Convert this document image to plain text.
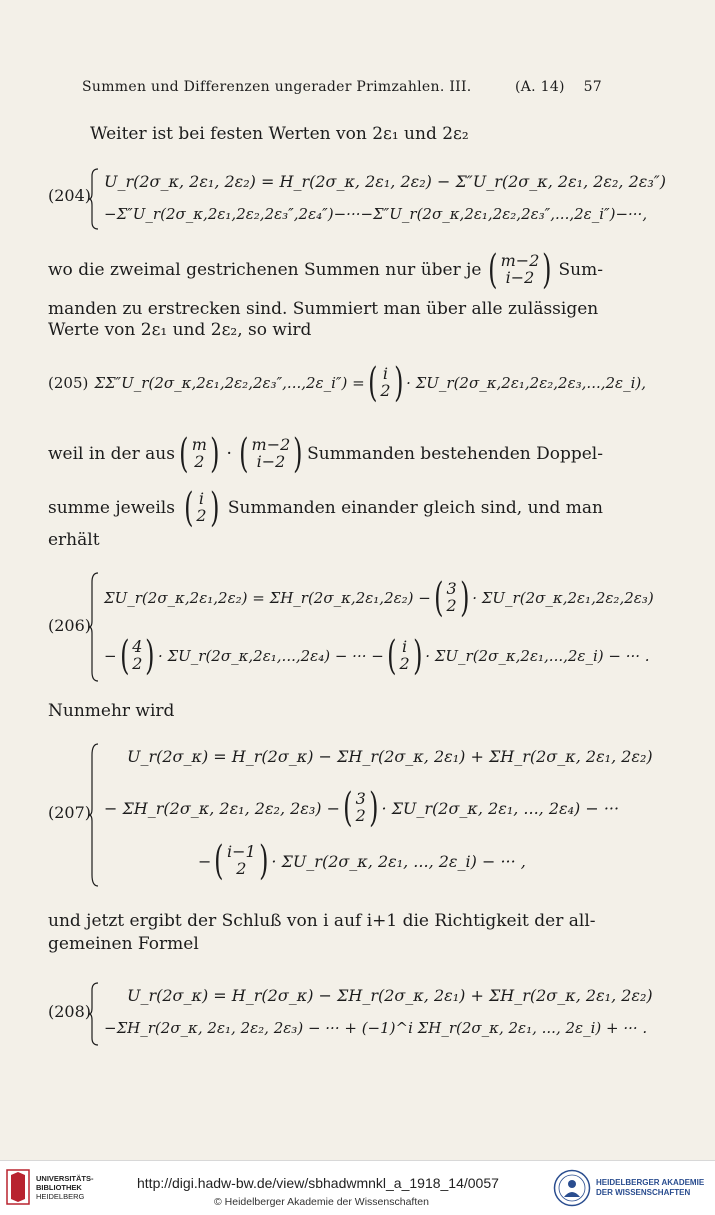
Summen und Differenzen ungerader Primzahlen. III.	(A. 14) 57
Weiter ist bei festen Werten von 2ε₁ und 2ε₂
(204)
U_r(2σ_κ, 2ε₁, 2ε₂) = H_r(2σ_κ, 2ε₁, 2ε₂) − Σ″U_r(2σ_κ, 2ε₁, 2ε₂, 2ε₃″)
−Σ″U_r(2σ_κ,2ε₁,2ε₂,2ε₃″,2ε₄″)−···−Σ″U_r(2σ_κ,2ε₁,2ε₂,2ε₃″,...,2ε_i″)−···,
wo die zweimal gestrichenen Summen nur über je ( m−2
i−2 ) Sum-
manden zu erstrecken sind. Summiert man über alle zulässigen
Werte von 2ε₁ und 2ε₂, so wird
(205) ΣΣ″U_r(2σ_κ,2ε₁,2ε₂,2ε₃″,...,2ε_i″) = ( i
2 ) · ΣU_r(2σ_κ,2ε₁,2ε₂,2ε₃,...,2ε_i),
weil in der aus ( m
2 ) · ( m−2
i−2 ) Summanden bestehenden Doppel-
summe jeweils ( i
2 ) Summanden einander gleich sind, und man
erhält
(206)
ΣU_r(2σ_κ,2ε₁,2ε₂) = ΣH_r(2σ_κ,2ε₁,2ε₂) − ( 3
2 ) · ΣU_r(2σ_κ,2ε₁,2ε₂,2ε₃)
− ( 4
2 ) · ΣU_r(2σ_κ,2ε₁,...,2ε₄) − ··· − ( i
2 ) · ΣU_r(2σ_κ,2ε₁,...,2ε_i) − ··· .
Nunmehr wird
(207)
U_r(2σ_κ) = H_r(2σ_κ) − ΣH_r(2σ_κ, 2ε₁) + ΣH_r(2σ_κ, 2ε₁, 2ε₂)
− ΣH_r(2σ_κ, 2ε₁, 2ε₂, 2ε₃) − ( 3
2 ) · ΣU_r(2σ_κ, 2ε₁, ..., 2ε₄) − ···
− ( i−1
2 ) · ΣU_r(2σ_κ, 2ε₁, ..., 2ε_i) − ··· ,
und jetzt ergibt der Schluß von i auf i+1 die Richtigkeit der all-
gemeinen Formel
(208)
U_r(2σ_κ) = H_r(2σ_κ) − ΣH_r(2σ_κ, 2ε₁) + ΣH_r(2σ_κ, 2ε₁, 2ε₂)
−ΣH_r(2σ_κ, 2ε₁, 2ε₂, 2ε₃) − ··· + (−1)^i ΣH_r(2σ_κ, 2ε₁, ..., 2ε_i) + ··· .
UNIVERSITÄTS-
BIBLIOTHEK
HEIDELBERG
http://digi.hadw-bw.de/view/sbhadwmnkl_a_1918_14/0057
© Heidelberger Akademie der Wissenschaften
HEIDELBERGER AKADEMIE
DER WISSENSCHAFTEN
